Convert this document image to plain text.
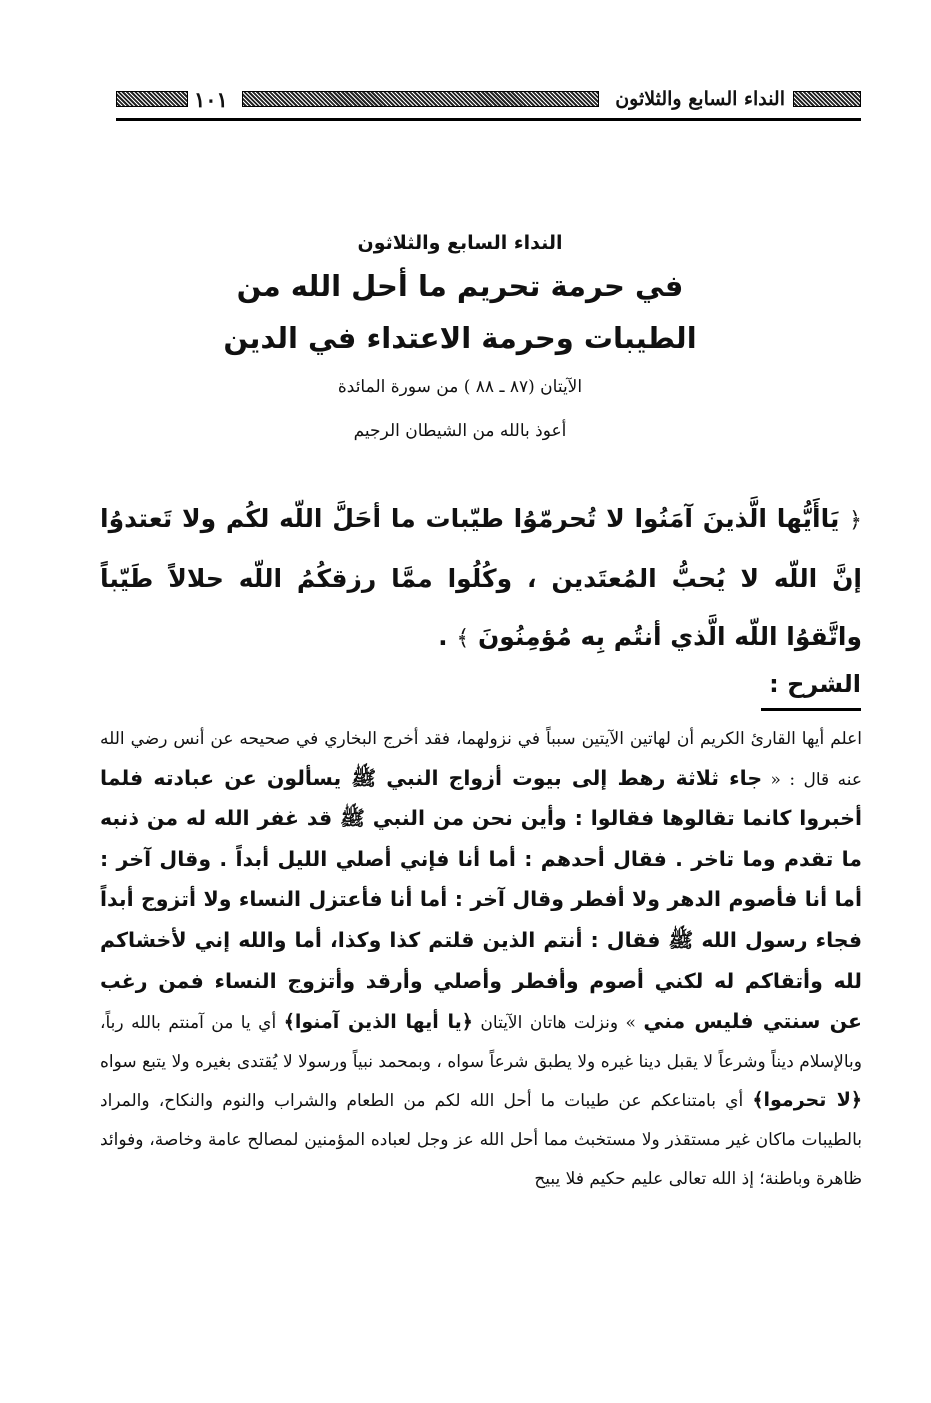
النداء السابع والثلاثون
١٠١
النداء السابع والثلاثون
في حرمة تحريم ما أحل الله من
الطيبات وحرمة الاعتداء في الدين
الآيتان (٨٧ ـ ٨٨ ) من سورة المائدة
أعوذ بالله من الشيطان الرجيم
﴿ يَاأَيُّها الَّذينَ آمَنُوا لا تُحرمّوُا طيّبات ما أحَلَّ اللّه لكُم ولا تَعتدوُا إنَّ اللّه لا يُحبُّ المُعتَدين ، وكُلُوا ممَّا رزقكُمُ اللّه حلالاً طَيّباً واتَّقوُا اللّه الَّذي أنتُم بِه مُؤمِنُونَ ﴾ .
الشرح :
اعلم أيها القارئ الكريم أن لهاتين الآيتين سبباً في نزولهما، فقد أخرج البخاري في صحيحه عن أنس رضي الله عنه قال : « جاء ثلاثة رهط إلى بيوت أزواج النبي ﷺ يسألون عن عبادته فلما أخبروا كانما تقالوها فقالوا : وأين نحن من النبي ﷺ قد غفر الله له من ذنبه ما تقدم وما تاخر . فقال أحدهم : أما أنا فإني أصلي الليل أبداً . وقال آخر : أما أنا فأصوم الدهر ولا أفطر وقال آخر : أما أنا فأعتزل النساء ولا أتزوج أبداً فجاء رسول الله ﷺ فقال : أنتم الذين قلتم كذا وكذا، أما والله إني لأخشاكم لله وأتقاكم له لكني أصوم وأفطر وأصلي وأرقد وأتزوج النساء فمن رغب عن سنتي فليس مني » ونزلت هاتان الآيتان ﴿يا أيها الذين آمنوا﴾ أي يا من آمنتم بالله رباً، وبالإسلام ديناً وشرعاً لا يقبل دينا غيره ولا يطبق شرعاً سواه ، وبمحمد نبياً ورسولا لا يُقتدى بغيره ولا يتبع سواه ﴿لا تحرموا﴾ أي بامتناعكم عن طيبات ما أحل الله لكم من الطعام والشراب والنوم والنكاح، والمراد بالطيبات ماكان غير مستقذر ولا مستخبث مما أحل الله عز وجل لعباده المؤمنين لمصالح عامة وخاصة، وفوائد ظاهرة وباطنة؛ إذ الله تعالى عليم حكيم فلا يبيح
